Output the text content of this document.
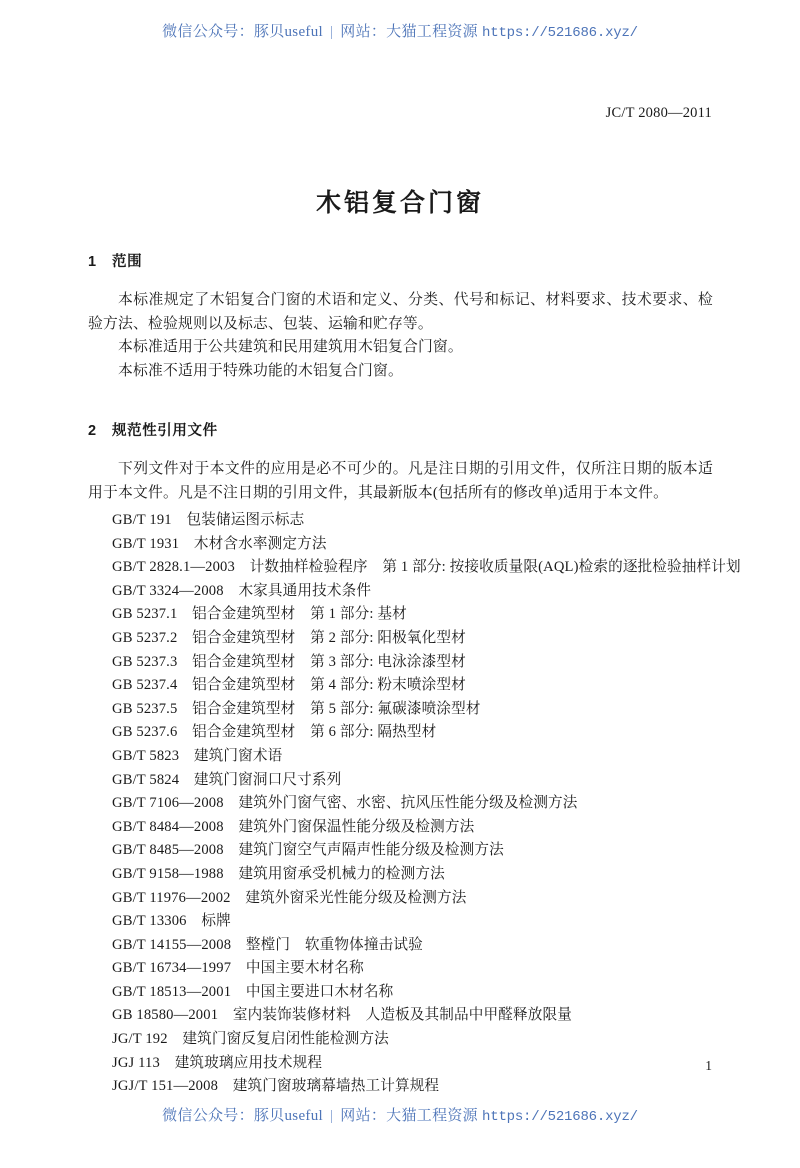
微信公众号：豚贝useful | 网站：大猫工程资源 https://521686.xyz/
JC/T 2080—2011
木铝复合门窗
1 范围

本标准规定了木铝复合门窗的术语和定义、分类、代号和标记、材料要求、技术要求、检验方法、检验规则以及标志、包装、运输和贮存等。

本标准适用于公共建筑和民用建筑用木铝复合门窗。

本标准不适用于特殊功能的木铝复合门窗。

2 规范性引用文件

下列文件对于本文件的应用是必不可少的。凡是注日期的引用文件，仅所注日期的版本适用于本文件。凡是不注日期的引用文件，其最新版本(包括所有的修改单)适用于本文件。

GB/T 191　包装储运图示标志
GB/T 1931　木材含水率测定方法
GB/T 2828.1—2003　计数抽样检验程序　第 1 部分: 按接收质量限(AQL)检索的逐批检验抽样计划
GB/T 3324—2008　木家具通用技术条件
GB 5237.1　铝合金建筑型材　第 1 部分: 基材
GB 5237.2　铝合金建筑型材　第 2 部分: 阳极氧化型材
GB 5237.3　铝合金建筑型材　第 3 部分: 电泳涂漆型材
GB 5237.4　铝合金建筑型材　第 4 部分: 粉末喷涂型材
GB 5237.5　铝合金建筑型材　第 5 部分: 氟碳漆喷涂型材
GB 5237.6　铝合金建筑型材　第 6 部分: 隔热型材
GB/T 5823　建筑门窗术语
GB/T 5824　建筑门窗洞口尺寸系列
GB/T 7106—2008　建筑外门窗气密、水密、抗风压性能分级及检测方法
GB/T 8484—2008　建筑外门窗保温性能分级及检测方法
GB/T 8485—2008　建筑门窗空气声隔声性能分级及检测方法
GB/T 9158—1988　建筑用窗承受机械力的检测方法
GB/T 11976—2002　建筑外窗采光性能分级及检测方法
GB/T 13306　标牌
GB/T 14155—2008　整樘门　软重物体撞击试验
GB/T 16734—1997　中国主要木材名称
GB/T 18513—2001　中国主要进口木材名称
GB 18580—2001　室内装饰装修材料　人造板及其制品中甲醛释放限量
JG/T 192　建筑门窗反复启闭性能检测方法
JGJ 113　建筑玻璃应用技术规程
JGJ/T 151—2008　建筑门窗玻璃幕墙热工计算规程
1
微信公众号：豚贝useful | 网站：大猫工程资源 https://521686.xyz/
